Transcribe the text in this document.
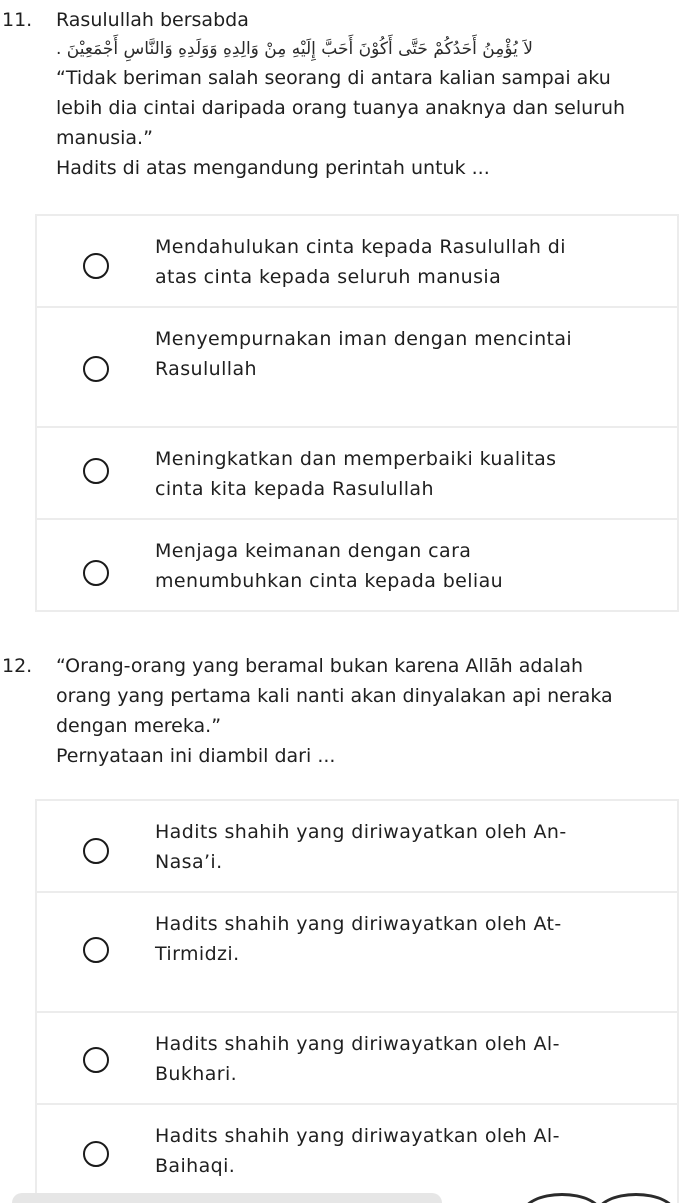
11.	Rasulullah bersabda
لاَ يُؤْمِنُ أَحَدُكُمْ حَتَّى أَكُوْنَ أَحَبَّ إِلَيْهِ مِنْ وَالِدِهِ وَوَلَدِهِ وَالنَّاسِ أَجْمَعِيْنَ .
“Tidak beriman salah seorang di antara kalian sampai aku
lebih dia cintai daripada orang tuanya anaknya dan seluruh
manusia.”
Hadits di atas mengandung perintah untuk ...
Mendahulukan cinta kepada Rasulullah di
atas cinta kepada seluruh manusia
Menyempurnakan iman dengan mencintai
Rasulullah
Meningkatkan dan memperbaiki kualitas
cinta kita kepada Rasulullah
Menjaga keimanan dengan cara
menumbuhkan cinta kepada beliau
12.	“Orang-orang yang beramal bukan karena Allāh adalah
orang yang pertama kali nanti akan dinyalakan api neraka
dengan mereka.”
Pernyataan ini diambil dari ...
Hadits shahih yang diriwayatkan oleh An-
Nasa’i.
Hadits shahih yang diriwayatkan oleh At-
Tirmidzi.
Hadits shahih yang diriwayatkan oleh Al-
Bukhari.
Hadits shahih yang diriwayatkan oleh Al-
Baihaqi.
